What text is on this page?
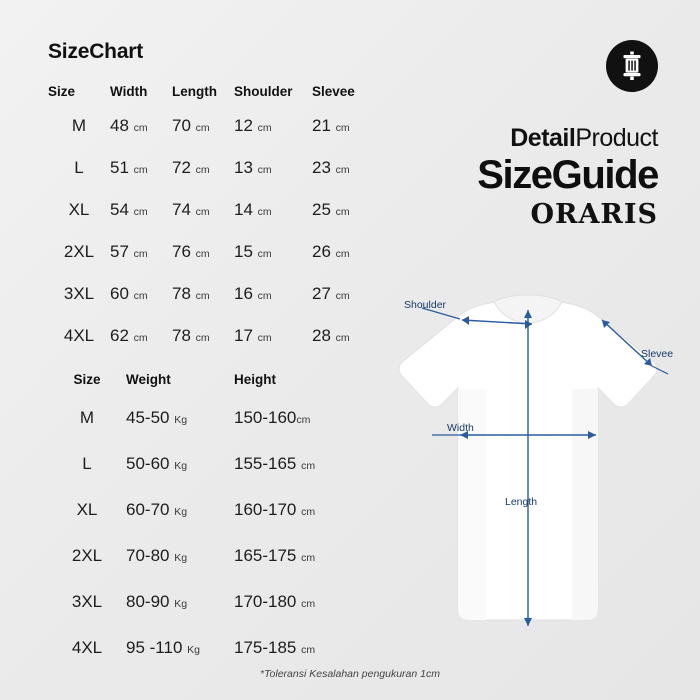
SizeChart
DetailProduct
SizeGuide
ORARIS
Size	Width	Length	Shoulder	Slevee
M	48 cm	70 cm	12 cm	21 cm
L	51 cm	72 cm	13 cm	23 cm
XL	54 cm	74 cm	14 cm	25 cm
2XL	57 cm	76 cm	15 cm	26 cm
3XL	60 cm	78 cm	16 cm	27 cm
4XL	62 cm	78 cm	17 cm	28 cm
Size	Weight	Height
M	45-50 Kg	150-160cm
L	50-60 Kg	155-165 cm
XL	60-70 Kg	160-170 cm
2XL	70-80 Kg	165-175 cm
3XL	80-90 Kg	170-180 cm
4XL	95 -110 Kg	175-185 cm
Shoulder
Slevee
Width
Length
*Toleransi Kesalahan pengukuran 1cm
